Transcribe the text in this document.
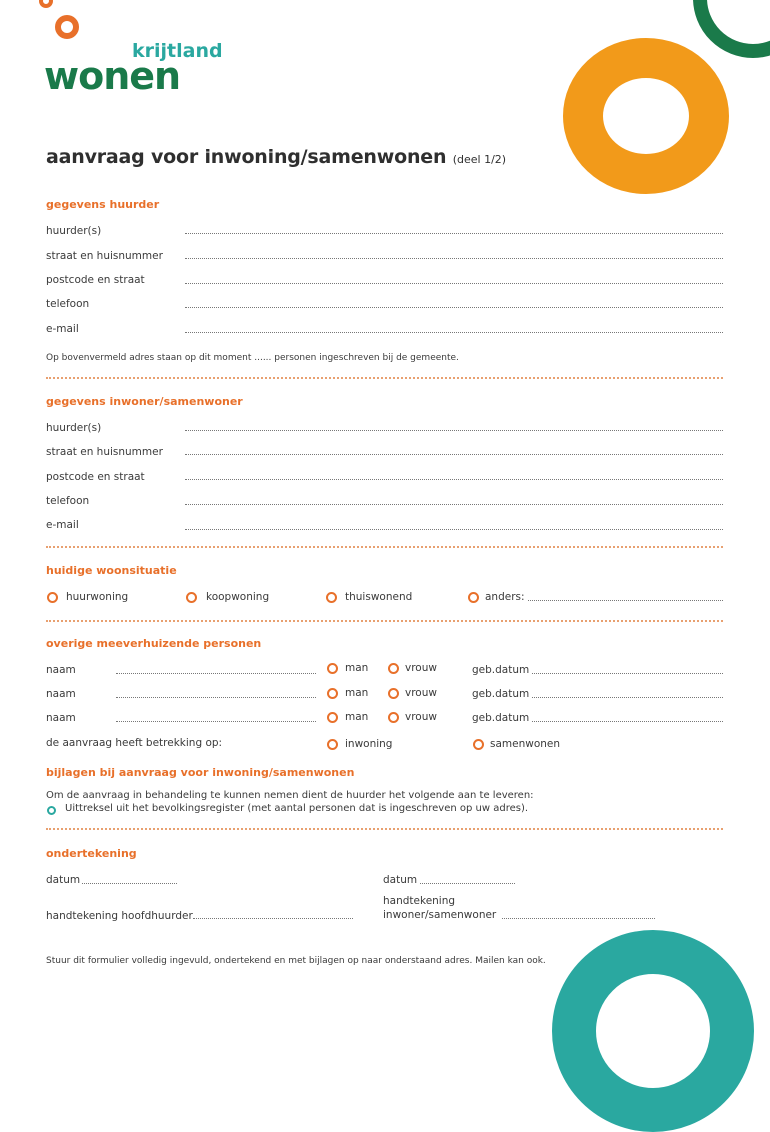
krijtland
wonen
aanvraag voor inwoning/samenwonen (deel 1/2)
gegevens huurder
huurder(s)
straat en huisnummer
postcode en straat
telefoon
e-mail
Op bovenvermeld adres staan op dit moment ...... personen ingeschreven bij de gemeente.
gegevens inwoner/samenwoner
huurder(s)
straat en huisnummer
postcode en straat
telefoon
e-mail
huidige woonsituatie
huurwoning	koopwoning	thuiswonend	anders:
overige meeverhuizende personen
naam	man	vrouw	geb.datum
naam	man	vrouw	geb.datum
naam	man	vrouw	geb.datum
de aanvraag heeft betrekking op:	inwoning	samenwonen
bijlagen bij aanvraag voor inwoning/samenwonen
Om de aanvraag in behandeling te kunnen nemen dient de huurder het volgende aan te leveren:
Uittreksel uit het bevolkingsregister (met aantal personen dat is ingeschreven op uw adres).
ondertekening
datum	datum
handtekening hoofdhuurder
handtekening
inwoner/samenwoner
Stuur dit formulier volledig ingevuld, ondertekend en met bijlagen op naar onderstaand adres. Mailen kan ook.
